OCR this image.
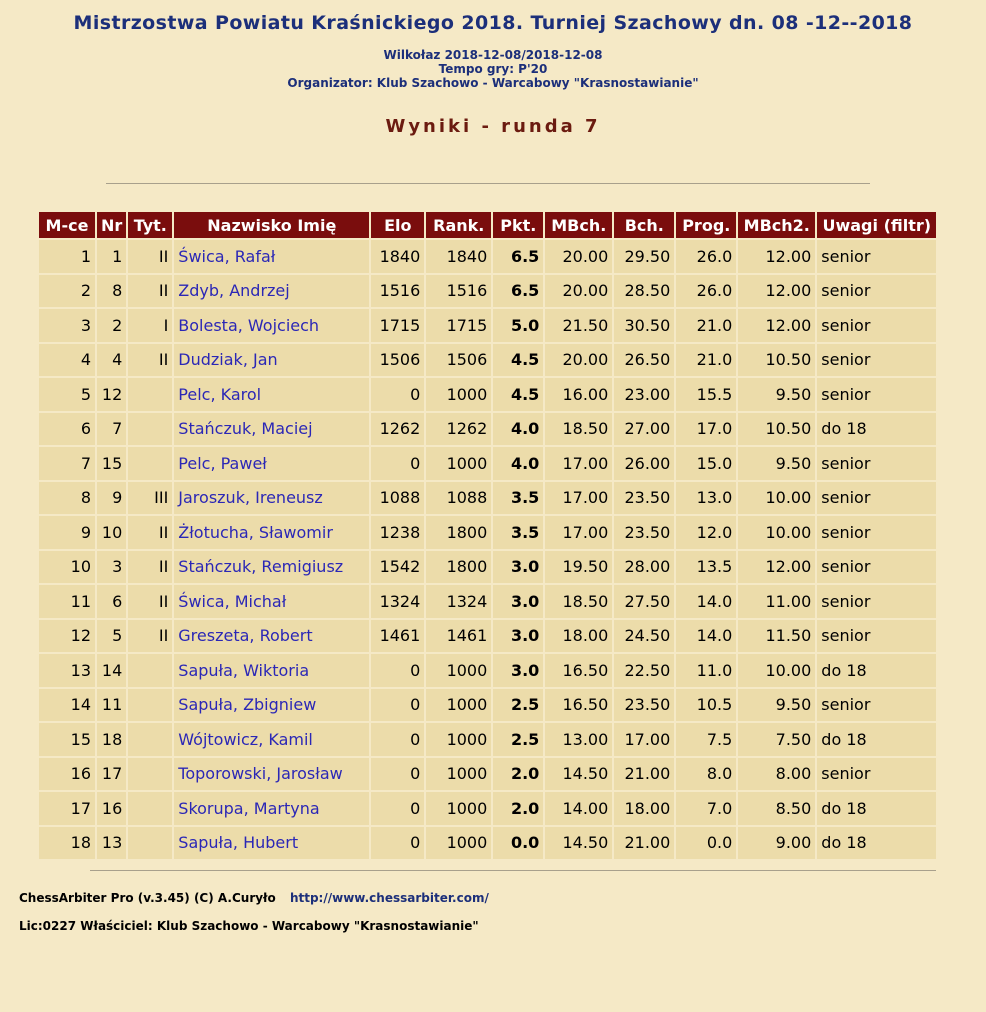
Mistrzostwa Powiatu Kraśnickiego 2018. Turniej Szachowy dn. 08 -12--2018
Wilkołaz 2018-12-08/2018-12-08
Tempo gry: P'20
Organizator: Klub Szachowo - Warcabowy "Krasnostawianie"
Wyniki - runda 7
M-ce	Nr	Tyt.	Nazwisko Imię	Elo	Rank.	Pkt.	MBch.	Bch.	Prog.	MBch2.	Uwagi (filtr)
1	1	II	Świca, Rafał	1840	1840	6.5	20.00	29.50	26.0	12.00	senior
2	8	II	Zdyb, Andrzej	1516	1516	6.5	20.00	28.50	26.0	12.00	senior
3	2	I	Bolesta, Wojciech	1715	1715	5.0	21.50	30.50	21.0	12.00	senior
4	4	II	Dudziak, Jan	1506	1506	4.5	20.00	26.50	21.0	10.50	senior
5	12		Pelc, Karol	0	1000	4.5	16.00	23.00	15.5	9.50	senior
6	7		Stańczuk, Maciej	1262	1262	4.0	18.50	27.00	17.0	10.50	do 18
7	15		Pelc, Paweł	0	1000	4.0	17.00	26.00	15.0	9.50	senior
8	9	III	Jaroszuk, Ireneusz	1088	1088	3.5	17.00	23.50	13.0	10.00	senior
9	10	II	Żłotucha, Sławomir	1238	1800	3.5	17.00	23.50	12.0	10.00	senior
10	3	II	Stańczuk, Remigiusz	1542	1800	3.0	19.50	28.00	13.5	12.00	senior
11	6	II	Świca, Michał	1324	1324	3.0	18.50	27.50	14.0	11.00	senior
12	5	II	Greszeta, Robert	1461	1461	3.0	18.00	24.50	14.0	11.50	senior
13	14		Sapuła, Wiktoria	0	1000	3.0	16.50	22.50	11.0	10.00	do 18
14	11		Sapuła, Zbigniew	0	1000	2.5	16.50	23.50	10.5	9.50	senior
15	18		Wójtowicz, Kamil	0	1000	2.5	13.00	17.00	7.5	7.50	do 18
16	17		Toporowski, Jarosław	0	1000	2.0	14.50	21.00	8.0	8.00	senior
17	16		Skorupa, Martyna	0	1000	2.0	14.00	18.00	7.0	8.50	do 18
18	13		Sapuła, Hubert	0	1000	0.0	14.50	21.00	0.0	9.00	do 18
ChessArbiter Pro (v.3.45) (C) A.Curyło http://www.chessarbiter.com/
Lic:0227 Właściciel: Klub Szachowo - Warcabowy "Krasnostawianie"
